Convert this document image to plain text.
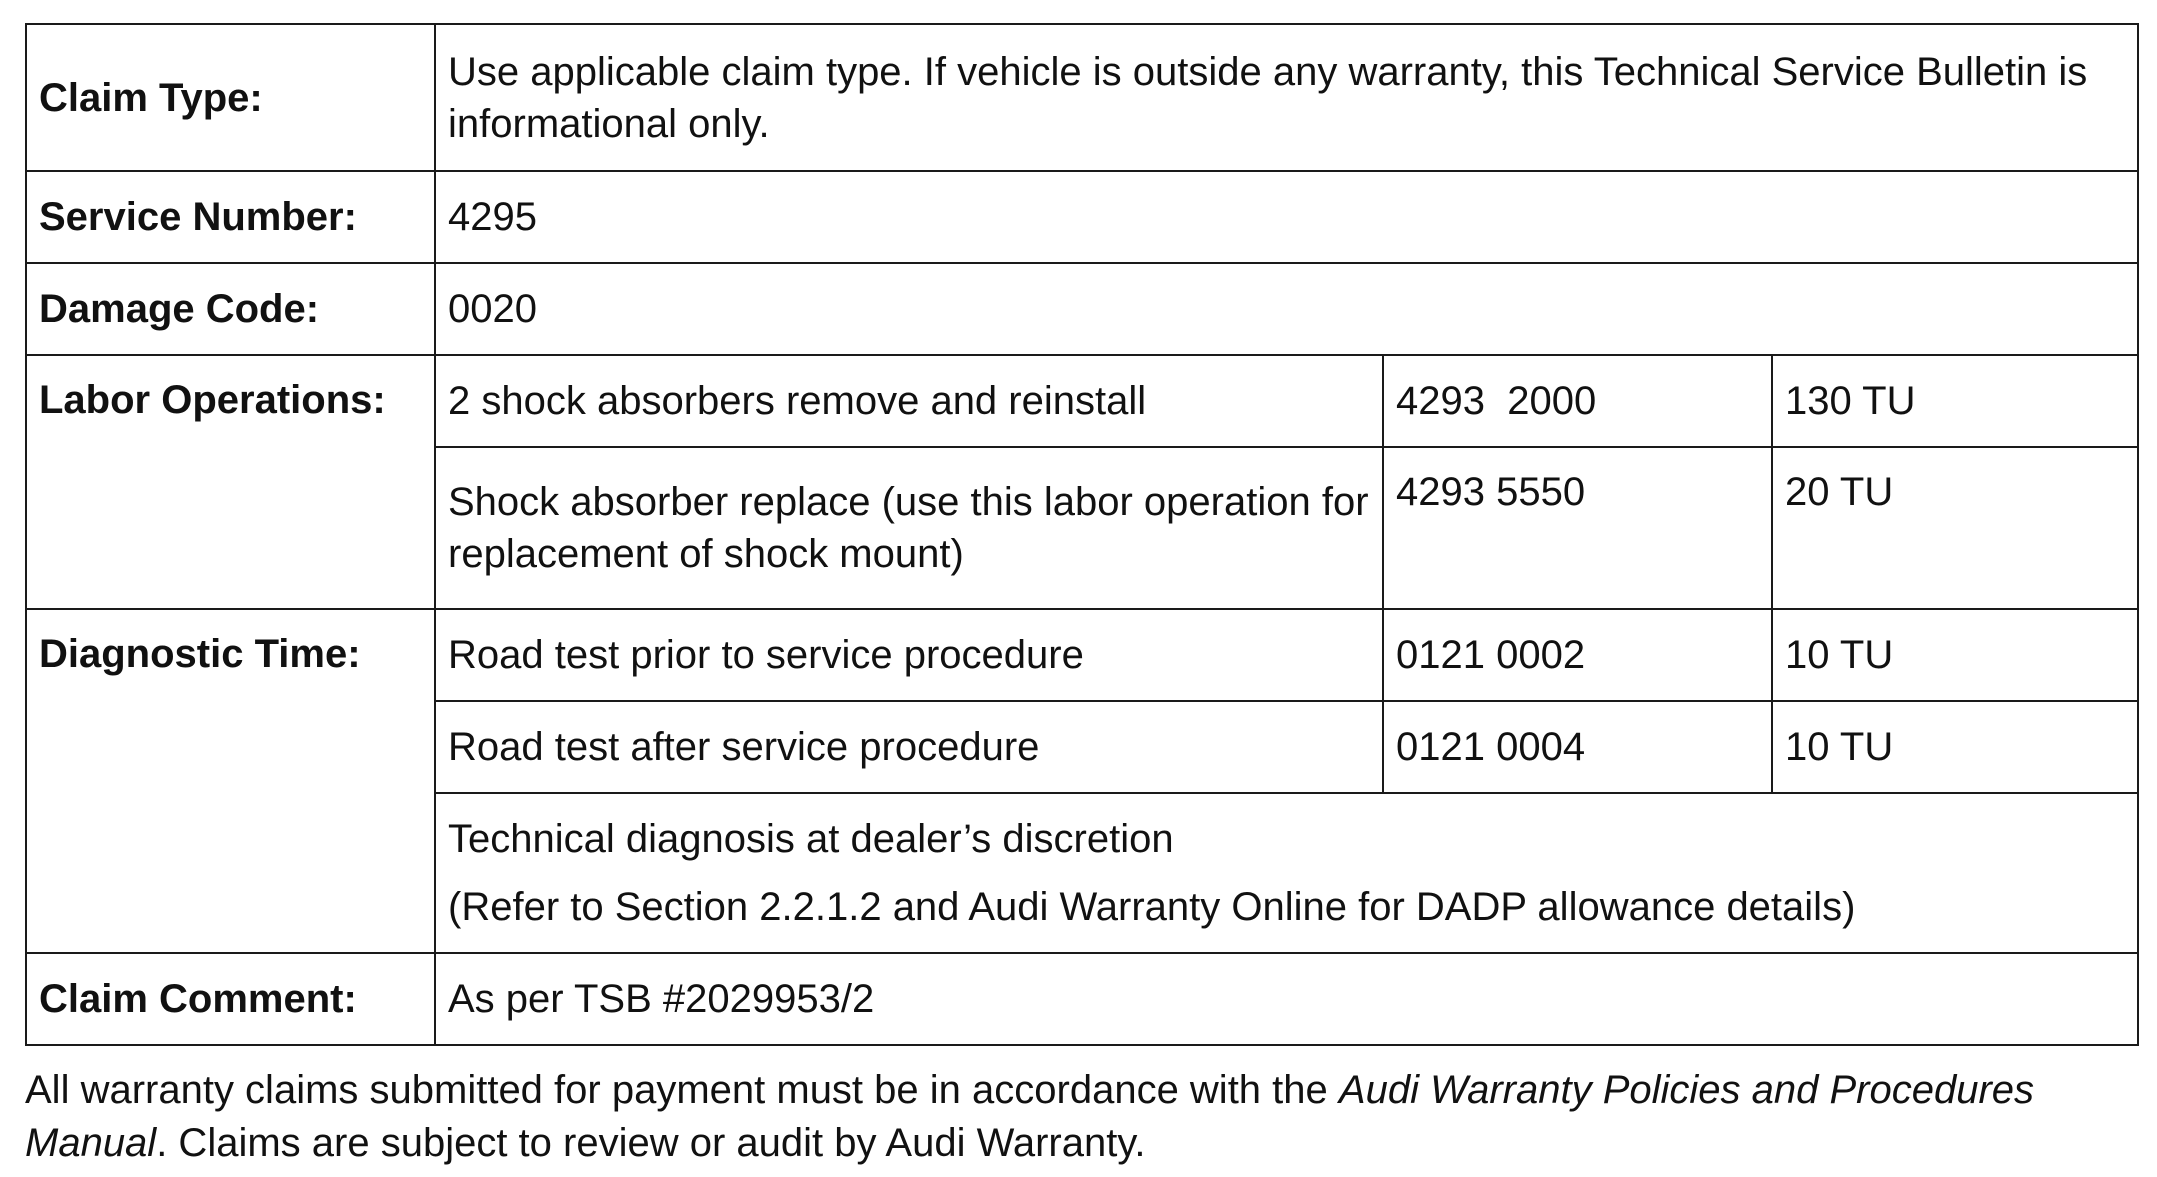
Claim Type:	Use applicable claim type. If vehicle is outside any warranty, this Technical Service Bulletin is informational only.		
Service Number:	4295		
Damage Code:	0020		
Labor Operations:	2 shock absorbers remove and reinstall	4293  2000	130 TU
	Shock absorber replace (use this labor operation for replacement of shock mount)	4293 5550	20 TU
Diagnostic Time:	Road test prior to service procedure	0121 0002	10 TU
	Road test after service procedure	0121 0004	10 TU

	Technical diagnosis at dealer’s discretion
(Refer to Section 2.2.1.2 and Audi Warranty Online for DADP allowance details)		

Claim Comment:	As per TSB #2029953/2		
All warranty claims submitted for payment must be in accordance with the Audi Warranty Policies and Procedures Manual. Claims are subject to review or audit by Audi Warranty.
